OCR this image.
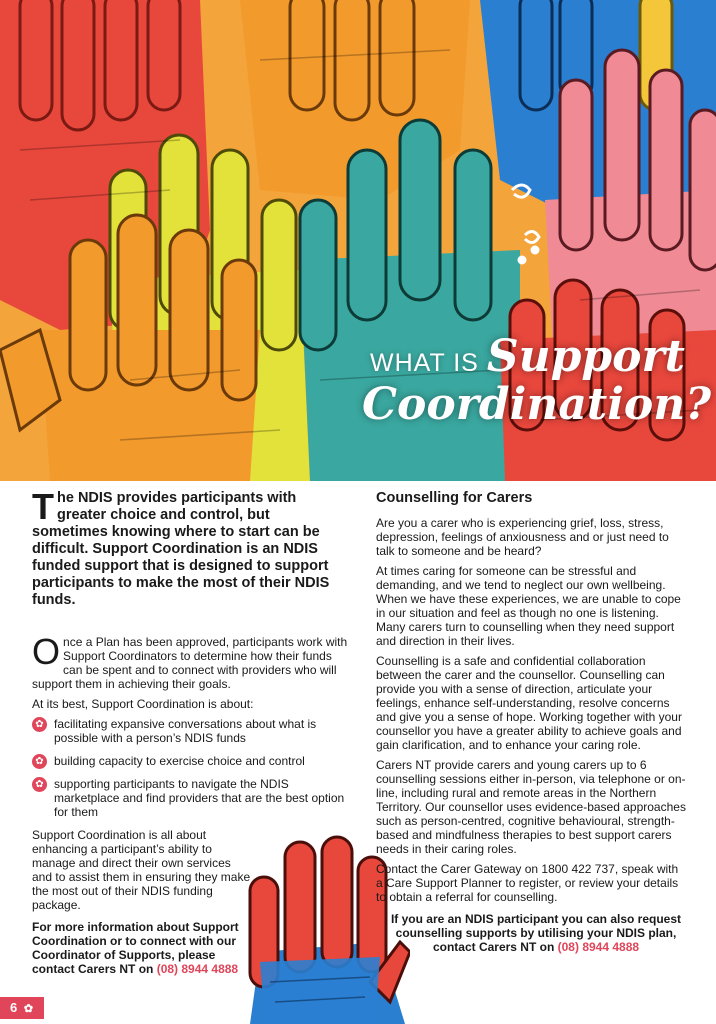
WHAT IS Support
Coordination?

The NDIS provides participants with greater choice and control, but sometimes knowing where to start can be difficult. Support Coordination is an NDIS funded support that is designed to support participants to make the most of their NDIS funds.

Once a Plan has been approved, participants work with Support Coordinators to determine how their funds can be spent and to connect with providers who will support them in achieving their goals.

At its best, Support Coordination is about:

✿ facilitating expansive conversations about what is possible with a person’s NDIS funds
✿ building capacity to exercise choice and control
✿ supporting participants to navigate the NDIS marketplace and find providers that are the best option for them

Support Coordination is all about enhancing a participant’s ability to manage and direct their own services and to assist them in ensuring they make the most out of their NDIS funding package.

For more information about Support Coordination or to connect with our Coordinator of Supports, please contact Carers NT on (08) 8944 4888

Counselling for Carers

Are you a carer who is experiencing grief, loss, stress, depression, feelings of anxiousness and or just need to talk to someone and be heard?

At times caring for someone can be stressful and demanding, and we tend to neglect our own wellbeing. When we have these experiences, we are unable to cope in our situation and feel as though no one is listening. Many carers turn to counselling when they need support and direction in their lives.

Counselling is a safe and confidential collaboration between the carer and the counsellor. Counselling can provide you with a sense of direction, articulate your feelings, enhance self-understanding, resolve concerns and give you a sense of hope. Working together with your counsellor you have a greater ability to achieve goals and gain clarification, and to enhance your caring role.

Carers NT provide carers and young carers up to 6 counselling sessions either in-person, via telephone or on-line, including rural and remote areas in the Northern Territory. Our counsellor uses evidence-based approaches such as person-centred, cognitive behavioural, strength-based and mindfulness therapies to best support carers needs in their caring roles.

Contact the Carer Gateway on 1800 422 737, speak with a Care Support Planner to register, or review your details to obtain a referral for counselling.

If you are an NDIS participant you can also request counselling supports by utilising your NDIS plan, contact Carers NT on (08) 8944 4888

6 ✿
